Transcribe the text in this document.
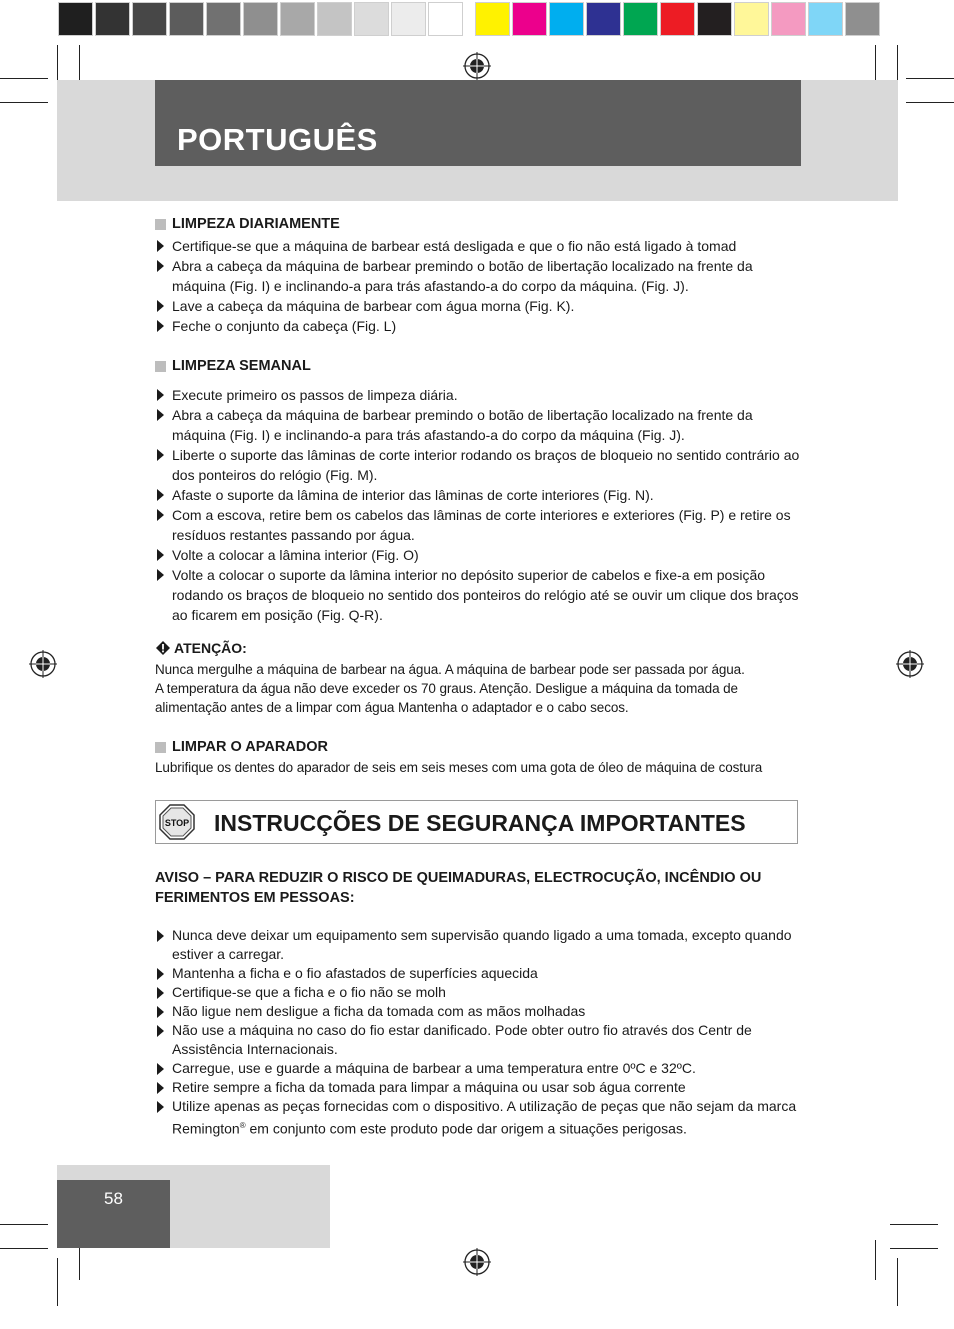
PORTUGUÊS
LIMPEZA DIARIAMENTE
Certifique-se que a máquina de barbear está desligada e que o fio não está ligado à tomad
Abra a cabeça da máquina de barbear premindo o botão de libertação localizado na frente da máquina (Fig. I) e inclinando-a para trás afastando-a do corpo da máquina. (Fig. J).
Lave a cabeça da máquina de barbear com água morna (Fig. K).
Feche o conjunto da cabeça (Fig. L)
LIMPEZA SEMANAL
Execute primeiro os passos de limpeza diária.
Abra a cabeça da máquina de barbear premindo o botão de libertação localizado na frente da máquina (Fig. I) e inclinando-a para trás afastando-a do corpo da máquina (Fig. J).
Liberte o suporte das lâminas de corte interior rodando os braços de bloqueio no sentido contrário ao dos ponteiros do relógio (Fig. M).
Afaste o suporte da lâmina de interior das lâminas de corte interiores (Fig. N).
Com a escova, retire bem os cabelos das lâminas de corte interiores e exteriores (Fig. P) e retire os resíduos restantes passando por água.
Volte a colocar a lâmina interior (Fig. O)
Volte a colocar o suporte da lâmina interior no depósito superior de cabelos e fixe-a em posição rodando os braços de bloqueio no sentido dos ponteiros do relógio até se ouvir um clique dos braços ao ficarem em posição (Fig. Q-R).
ATENÇÃO:
Nunca mergulhe a máquina de barbear na água. A máquina de barbear pode ser passada por água.
A temperatura da água não deve exceder os 70 graus. Atenção. Desligue a máquina da tomada de alimentação antes de a limpar com água Mantenha o adaptador e o cabo secos.
LIMPAR O APARADOR
Lubrifique os dentes do aparador de seis em seis meses com uma gota de óleo de máquina de costura
STOP INSTRUCÇÕES DE SEGURANÇA IMPORTANTES
AVISO – PARA REDUZIR O RISCO DE QUEIMADURAS, ELECTROCUÇÃO, INCÊNDIO OU FERIMENTOS EM PESSOAS:
Nunca deve deixar um equipamento sem supervisão quando ligado a uma tomada, excepto quando estiver a carregar.
Mantenha a ficha e o fio afastados de superfícies aquecida
Certifique-se que a ficha e o fio não se molh
Não ligue nem desligue a ficha da tomada com as mãos molhadas
Não use a máquina no caso do fio estar danificado. Pode obter outro fio através dos Centr de Assistência Internacionais.
Carregue, use e guarde a máquina de barbear a uma temperatura entre 0ºC e 32ºC.
Retire sempre a ficha da tomada para limpar a máquina ou usar sob água corrente
Utilize apenas as peças fornecidas com o dispositivo. A utilização de peças que não sejam da marca Remington® em conjunto com este produto pode dar origem a situações perigosas.
58
